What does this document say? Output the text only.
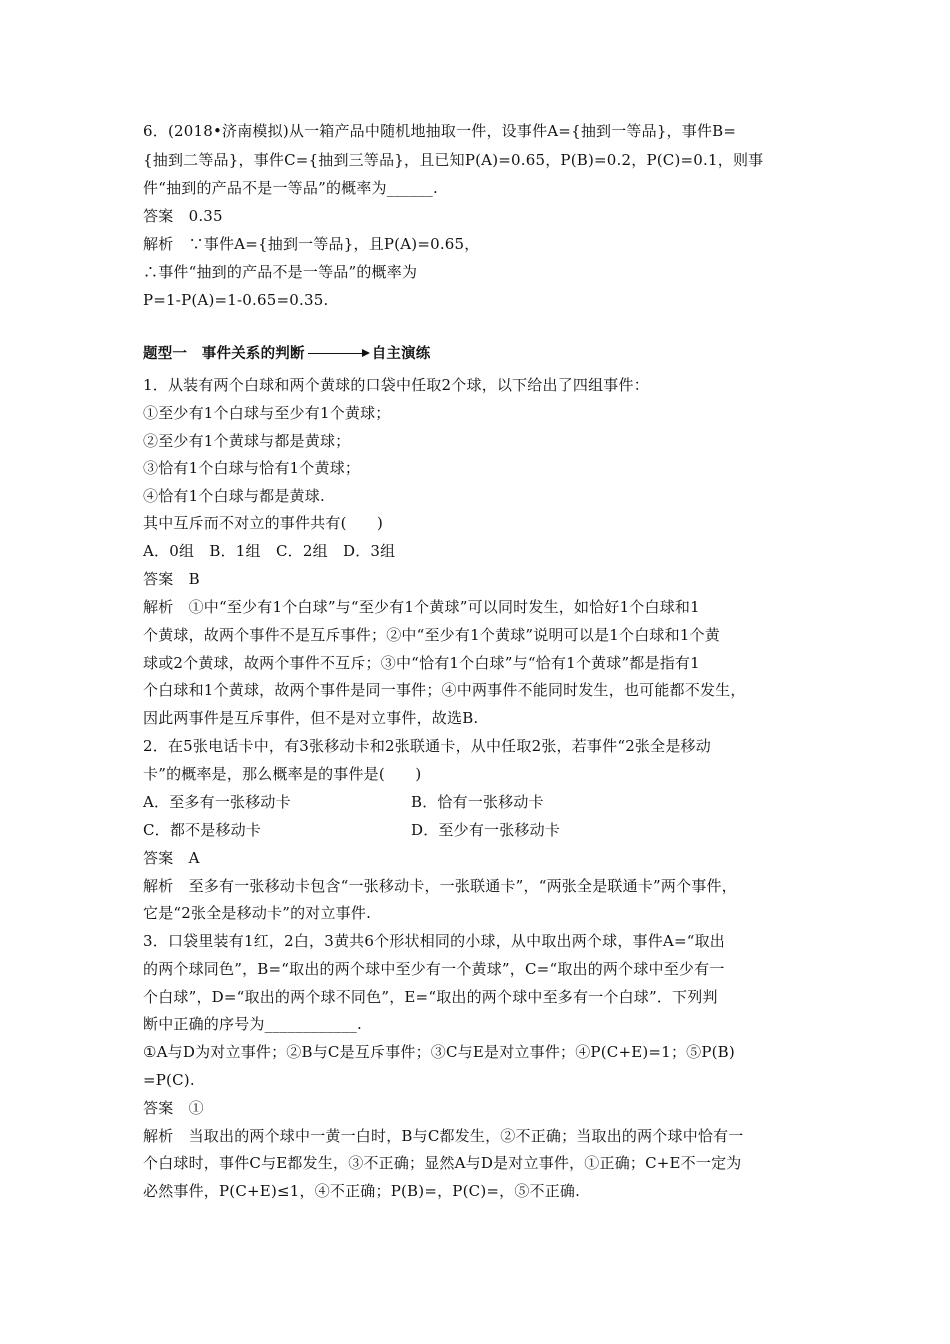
6．(2018•济南模拟)从一箱产品中随机地抽取一件，设事件A={抽到一等品}，事件B=
{抽到二等品}，事件C={抽到三等品}，且已知P(A)=0.65，P(B)=0.2，P(C)=0.1，则事
件“抽到的产品不是一等品”的概率为______.
答案　0.35
解析　∵事件A={抽到一等品}，且P(A)=0.65，
∴事件“抽到的产品不是一等品”的概率为
P=1-P(A)=1-0.65=0.35.
题型一　事件关系的判断	自主演练
1．从装有两个白球和两个黄球的口袋中任取2个球，以下给出了四组事件：
①至少有1个白球与至少有1个黄球；
②至少有1个黄球与都是黄球；
③恰有1个白球与恰有1个黄球；
④恰有1个白球与都是黄球.
其中互斥而不对立的事件共有(　　)
A．0组　B．1组　C．2组　D．3组
答案　B
解析　①中“至少有1个白球”与“至少有1个黄球”可以同时发生，如恰好1个白球和1
个黄球，故两个事件不是互斥事件；②中“至少有1个黄球”说明可以是1个白球和1个黄
球或2个黄球，故两个事件不互斥；③中“恰有1个白球”与“恰有1个黄球”都是指有1
个白球和1个黄球，故两个事件是同一事件；④中两事件不能同时发生，也可能都不发生，
因此两事件是互斥事件，但不是对立事件，故选B.
2．在5张电话卡中，有3张移动卡和2张联通卡，从中任取2张，若事件“2张全是移动
卡”的概率是，那么概率是的事件是(　　)
A．至多有一张移动卡	B．恰有一张移动卡
C．都不是移动卡	D．至少有一张移动卡
答案　A
解析　至多有一张移动卡包含“一张移动卡，一张联通卡”，“两张全是联通卡”两个事件，
它是“2张全是移动卡”的对立事件.
3．口袋里装有1红，2白，3黄共6个形状相同的小球，从中取出两个球，事件A=“取出
的两个球同色”，B=“取出的两个球中至少有一个黄球”，C=“取出的两个球中至少有一
个白球”，D=“取出的两个球不同色”，E=“取出的两个球中至多有一个白球”．下列判
断中正确的序号为____________.
①A与D为对立事件；②B与C是互斥事件；③C与E是对立事件；④P(C+E)=1；⑤P(B)
=P(C).
答案　①
解析　当取出的两个球中一黄一白时，B与C都发生，②不正确；当取出的两个球中恰有一
个白球时，事件C与E都发生，③不正确；显然A与D是对立事件，①正确；C+E不一定为
必然事件，P(C+E)≤1，④不正确；P(B)=，P(C)=，⑤不正确.
